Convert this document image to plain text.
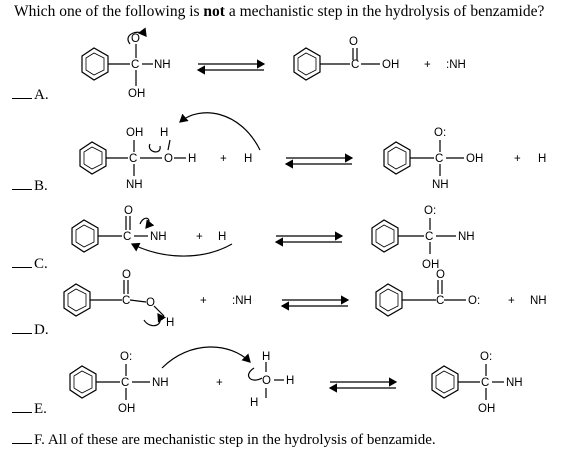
Which one of the following is not a mechanistic step in the hydrolysis of benzamide?
A.
B.
C.
D.
E.
F. All of these are mechanistic step in the hydrolysis of benzamide.
O
C NH
OH
O
C OH + :NH
OH H
C O H
NH
+ H
O:
C OH
NH
+ H
O
C NH	+ H
O:
C NH
OH
O
C O
H
+ :NH
O
C O: + NH
O:
C NH
OH
+
H
O H
H
O:
C NH
OH
